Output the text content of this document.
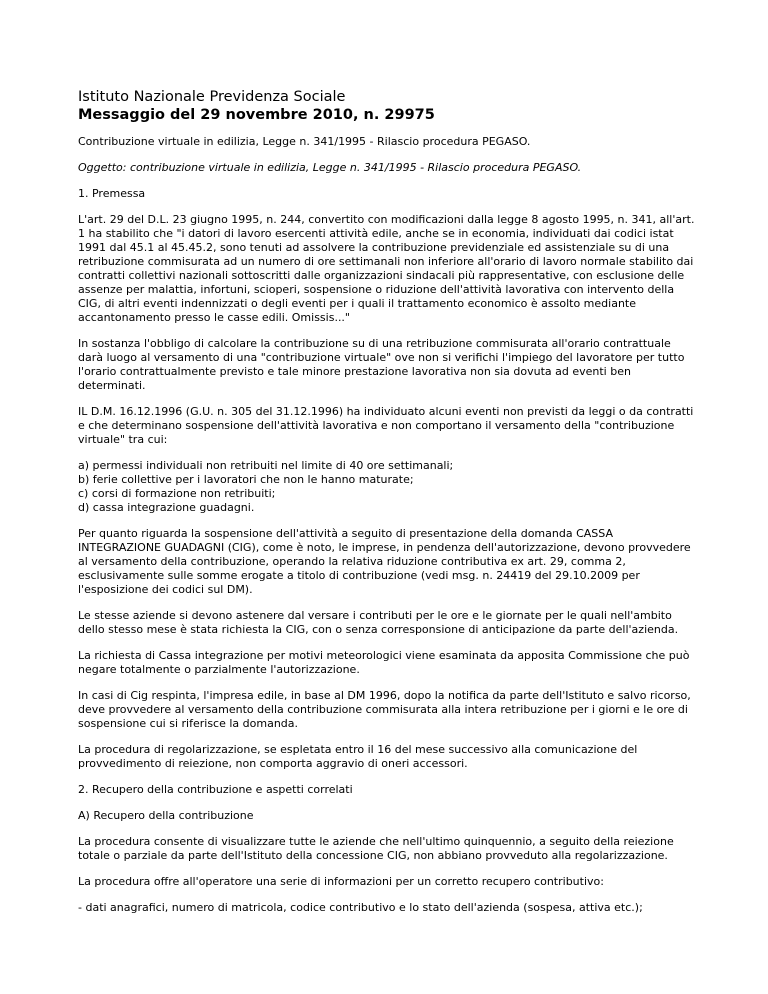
Istituto Nazionale Previdenza Sociale
Messaggio del 29 novembre 2010, n. 29975

Contribuzione virtuale in edilizia, Legge n. 341/1995 - Rilascio procedura PEGASO.

Oggetto: contribuzione virtuale in edilizia, Legge n. 341/1995 - Rilascio procedura PEGASO.

1. Premessa

L'art. 29 del D.L. 23 giugno 1995, n. 244, convertito con modificazioni dalla legge 8 agosto 1995, n. 341, all'art. 1 ha stabilito che "i datori di lavoro esercenti attività edile, anche se in economia, individuati dai codici istat 1991 dal 45.1 al 45.45.2, sono tenuti ad assolvere la contribuzione previdenziale ed assistenziale su di una retribuzione commisurata ad un numero di ore settimanali non inferiore all'orario di lavoro normale stabilito dai contratti collettivi nazionali sottoscritti dalle organizzazioni sindacali più rappresentative, con esclusione delle assenze per malattia, infortuni, scioperi, sospensione o riduzione dell'attività lavorativa con intervento della CIG, di altri eventi indennizzati o degli eventi per i quali il trattamento economico è assolto mediante accantonamento presso le casse edili. Omissis..."

In sostanza l'obbligo di calcolare la contribuzione su di una retribuzione commisurata all'orario contrattuale darà luogo al versamento di una "contribuzione virtuale" ove non si verifichi l'impiego del lavoratore per tutto l'orario contrattualmente previsto e tale minore prestazione lavorativa non sia dovuta ad eventi ben determinati.

IL D.M. 16.12.1996 (G.U. n. 305 del 31.12.1996) ha individuato alcuni eventi non previsti da leggi o da contratti e che determinano sospensione dell'attività lavorativa e non comportano il versamento della "contribuzione virtuale" tra cui:

a) permessi individuali non retribuiti nel limite di 40 ore settimanali;
b) ferie collettive per i lavoratori che non le hanno maturate;
c) corsi di formazione non retribuiti;
d) cassa integrazione guadagni.

Per quanto riguarda la sospensione dell'attività a seguito di presentazione della domanda CASSA INTEGRAZIONE GUADAGNI (CIG), come è noto, le imprese, in pendenza dell'autorizzazione, devono provvedere al versamento della contribuzione, operando la relativa riduzione contributiva ex art. 29, comma 2, esclusivamente sulle somme erogate a titolo di contribuzione (vedi msg. n. 24419 del 29.10.2009 per l'esposizione dei codici sul DM).

Le stesse aziende si devono astenere dal versare i contributi per le ore e le giornate per le quali nell'ambito dello stesso mese è stata richiesta la CIG, con o senza corresponsione di anticipazione da parte dell'azienda.

La richiesta di Cassa integrazione per motivi meteorologici viene esaminata da apposita Commissione che può negare totalmente o parzialmente l'autorizzazione.

In casi di Cig respinta, l'impresa edile, in base al DM 1996, dopo la notifica da parte dell'Istituto e salvo ricorso, deve provvedere al versamento della contribuzione commisurata alla intera retribuzione per i giorni e le ore di sospensione cui si riferisce la domanda.

La procedura di regolarizzazione, se espletata entro il 16 del mese successivo alla comunicazione del provvedimento di reiezione, non comporta aggravio di oneri accessori.

2. Recupero della contribuzione e aspetti correlati

A) Recupero della contribuzione

La procedura consente di visualizzare tutte le aziende che nell'ultimo quinquennio, a seguito della reiezione totale o parziale da parte dell'Istituto della concessione CIG, non abbiano provveduto alla regolarizzazione.

La procedura offre all'operatore una serie di informazioni per un corretto recupero contributivo:

- dati anagrafici, numero di matricola, codice contributivo e lo stato dell'azienda (sospesa, attiva etc.);
